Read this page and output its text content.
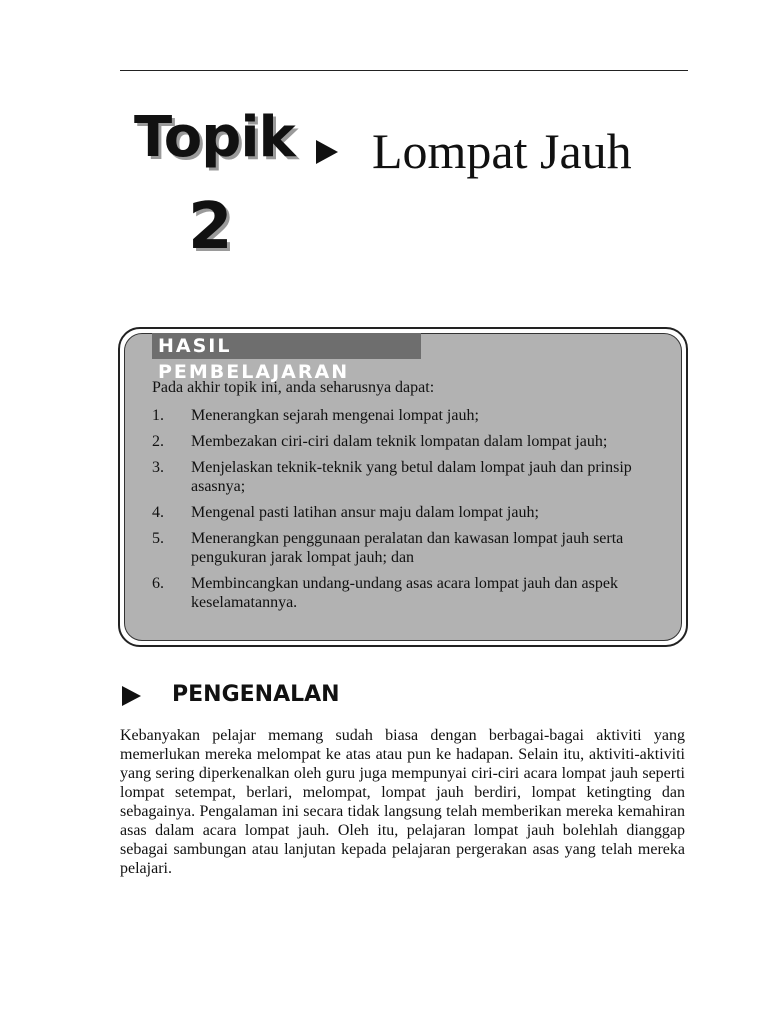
Topik
2
Lompat Jauh
HASIL PEMBELAJARAN
Pada akhir topik ini, anda seharusnya dapat:
1.	Menerangkan sejarah mengenai lompat jauh;
2.	Membezakan ciri-ciri dalam teknik lompatan dalam lompat jauh;
3.	Menjelaskan teknik-teknik yang betul dalam lompat jauh dan prinsip asasnya;
4.	Mengenal pasti latihan ansur maju dalam lompat jauh;
5.	Menerangkan penggunaan peralatan dan kawasan lompat jauh serta pengukuran jarak lompat jauh; dan
6.	Membincangkan undang-undang asas acara lompat jauh dan aspek keselamatannya.
PENGENALAN

Kebanyakan pelajar memang sudah biasa dengan berbagai-bagai aktiviti yang memerlukan mereka melompat ke atas atau pun ke hadapan. Selain itu, aktiviti-aktiviti yang sering diperkenalkan oleh guru juga mempunyai ciri-ciri acara lompat jauh seperti lompat setempat, berlari, melompat, lompat jauh berdiri, lompat ketingting dan sebagainya. Pengalaman ini secara tidak langsung telah memberikan mereka kemahiran asas dalam acara lompat jauh. Oleh itu, pelajaran lompat jauh bolehlah dianggap sebagai sambungan atau lanjutan kepada pelajaran pergerakan asas yang telah mereka pelajari.
